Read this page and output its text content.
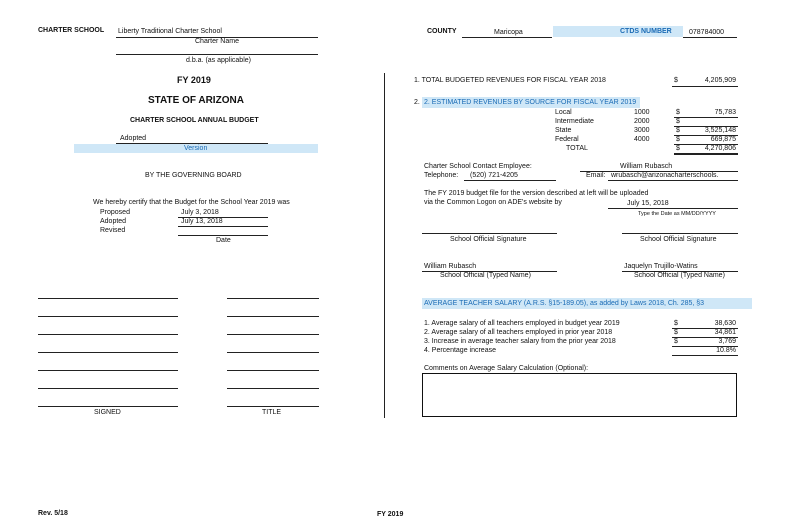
CHARTER SCHOOL Liberty Traditional Charter School
Charter Name
d.b.a. (as applicable)
FY 2019
STATE OF ARIZONA
CHARTER SCHOOL ANNUAL BUDGET
Adopted
Version
BY THE GOVERNING BOARD
We hereby certify that the Budget for the School Year 2019 was
Proposed	July 3, 2018
Adopted	July 13, 2018
Revised
Date
SIGNED	TITLE
COUNTY	Maricopa	CTDS NUMBER 078784000
1. TOTAL BUDGETED REVENUES FOR FISCAL YEAR 2018	$	4,205,909
2. 2. ESTIMATED REVENUES BY SOURCE FOR FISCAL YEAR 2019
Local	1000	$	75,783
Intermediate	2000	$
State	3000	$	3,525,148
Federal	4000	$	669,875
TOTAL	$	4,270,806
Charter School Contact Employee:	William Rubasch
Telephone: (520) 721-4205	Email: wrubasch@arizonacharterschools.
The FY 2019 budget file for the version described at left will be uploaded
via the Common Logon on ADE's website by	July 15, 2018
Type the Date as MM/DD/YYYY
School Official Signature	School Official Signature
William Rubasch
School Official (Typed Name)
Jaquelyn Trujillo-Watins
School Official (Typed Name)
AVERAGE TEACHER SALARY (A.R.S. §15-189.05), as added by Laws 2018, Ch. 285, §3
1. Average salary of all teachers employed in budget year 2019	$	38,630
2. Average salary of all teachers employed in prior year 2018	$	34,861
3. Increase in average teacher salary from the prior year 2018	$	3,769
4. Percentage increase	10.8%
Comments on Average Salary Calculation (Optional):
Rev. 5/18	FY 2019
